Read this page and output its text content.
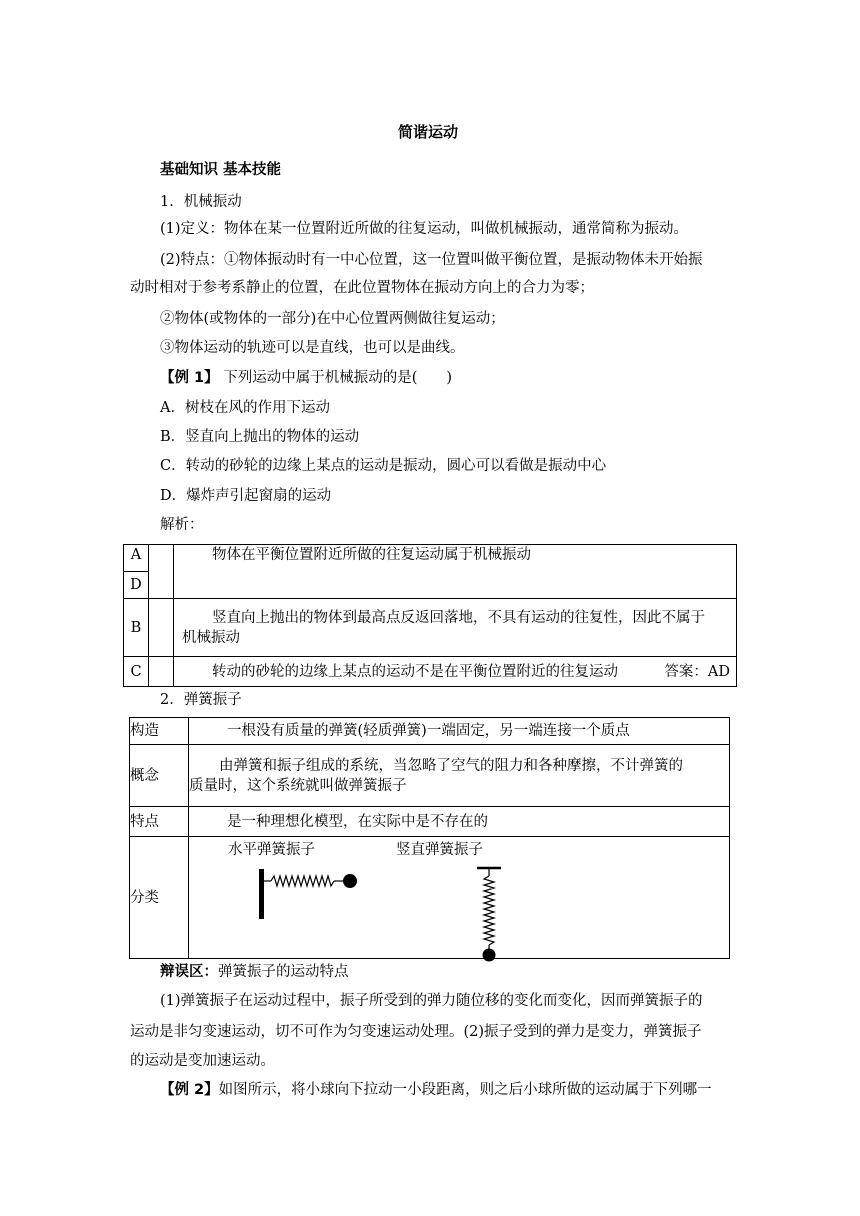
简谐运动
基础知识 基本技能
1．机械振动
(1)定义：物体在某一位置附近所做的往复运动，叫做机械振动，通常简称为振动。
(2)特点：①物体振动时有一中心位置，这一位置叫做平衡位置，是振动物体未开始振
动时相对于参考系静止的位置，在此位置物体在振动方向上的合力为零；
②物体(或物体的一部分)在中心位置两侧做往复运动；
③物体运动的轨迹可以是直线，也可以是曲线。
【例 1】 下列运动中属于机械振动的是(　　)
A．树枝在风的作用下运动
B．竖直向上抛出的物体的运动
C．转动的砂轮的边缘上某点的运动是振动，圆心可以看做是振动中心
D．爆炸声引起窗扇的运动
解析：
A		物体在平衡位置附近所做的往复运动属于机械振动
D		
B		竖直向上抛出的物体到最高点反返回落地，不具有运动的往复性，因此不属于
机械振动

C		转动的砂轮的边缘上某点的运动不是在平衡位置附近的往复运动 答案：AD
2．弹簧振子
构造	一根没有质量的弹簧(轻质弹簧)一端固定，另一端连接一个质点
概念	由弹簧和振子组成的系统，当忽略了空气的阻力和各种摩擦，不计弹簧的
质量时，这个系统就叫做弹簧振子

特点	是一种理想化模型，在实际中是不存在的
分类	水平弹簧振子 竖直弹簧振子
辩误区：弹簧振子的运动特点
(1)弹簧振子在运动过程中，振子所受到的弹力随位移的变化而变化，因而弹簧振子的
运动是非匀变速运动，切不可作为匀变速运动处理。(2)振子受到的弹力是变力，弹簧振子
的运动是变加速运动。
【例 2】如图所示，将小球向下拉动一小段距离，则之后小球所做的运动属于下列哪一
